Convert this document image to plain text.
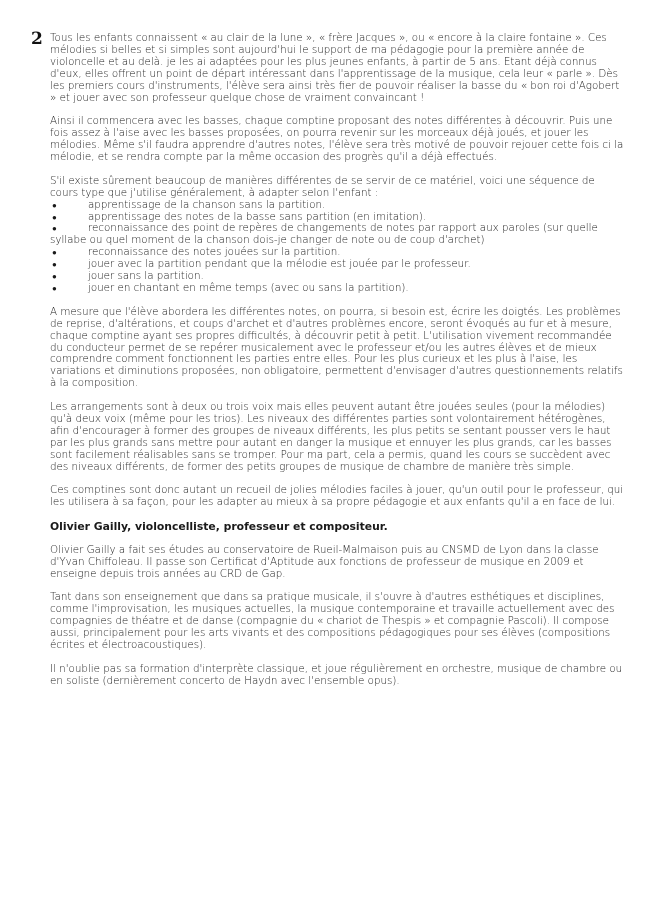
2 Tous les enfants connaissent « au clair de la lune », « frère Jacques », ou « encore à la claire fontaine ». Ces mélodies si belles et si simples sont aujourd'hui le support de ma pédagogie pour la première année de violoncelle et au delà. je les ai adaptées pour les plus jeunes enfants, à partir de 5 ans. Etant déjà connus d'eux, elles offrent un point de départ intéressant dans l'apprentissage de la musique, cela leur « parle ». Dès les premiers cours d'instruments, l'élève sera ainsi très fier de pouvoir réaliser la basse du « bon roi d'Agobert » et jouer avec son professeur quelque chose de vraiment convaincant !

Ainsi il commencera avec les basses, chaque comptine proposant des notes différentes à découvrir. Puis une fois assez à l'aise avec les basses proposées, on pourra revenir sur les morceaux déjà joués, et jouer les mélodies. Même s'il faudra apprendre d'autres notes, l'élève sera très motivé de pouvoir rejouer cette fois ci la mélodie, et se rendra compte par la même occasion des progrès qu'il a déjà effectués.

S'il existe sûrement beaucoup de manières différentes de se servir de ce matériel, voici une séquence de cours type que j'utilise généralement, à adapter selon l'enfant :

● apprentissage de la chanson sans la partition.
● apprentissage des notes de la basse sans partition (en imitation).
● reconnaissance des point de repères de changements de notes par rapport aux paroles (sur quelle syllabe ou quel moment de la chanson dois-je changer de note ou de coup d'archet)
● reconnaissance des notes jouées sur la partition.
● jouer avec la partition pendant que la mélodie est jouée par le professeur.
● jouer sans la partition.
● jouer en chantant en même temps (avec ou sans la partition).

A mesure que l'élève abordera les différentes notes, on pourra, si besoin est, écrire les doigtés. Les problèmes de reprise, d'altérations, et coups d'archet et d'autres problèmes encore, seront évoqués au fur et à mesure, chaque comptine ayant ses propres difficultés, à découvrir petit à petit. L'utilisation vivement recommandée du conducteur permet de se repérer musicalement avec le professeur et/ou les autres élèves et de mieux comprendre comment fonctionnent les parties entre elles. Pour les plus curieux et les plus à l'aise, les variations et diminutions proposées, non obligatoire, permettent d'envisager d'autres questionnements relatifs à la composition.

Les arrangements sont à deux ou trois voix mais elles peuvent autant être jouées seules (pour la mélodies) qu'à deux voix (même pour les trios). Les niveaux des différentes parties sont volontairement hétérogènes, afin d'encourager à former des groupes de niveaux différents, les plus petits se sentant pousser vers le haut par les plus grands sans mettre pour autant en danger la musique et ennuyer les plus grands, car les basses sont facilement réalisables sans se tromper. Pour ma part, cela a permis, quand les cours se succèdent avec des niveaux différents, de former des petits groupes de musique de chambre de manière très simple.

Ces comptines sont donc autant un recueil de jolies mélodies faciles à jouer, qu'un outil pour le professeur, qui les utilisera à sa façon, pour les adapter au mieux à sa propre pédagogie et aux enfants qu'il a en face de lui.

Olivier Gailly, violoncelliste, professeur et compositeur.

Olivier Gailly a fait ses études au conservatoire de Rueil-Malmaison puis au CNSMD de Lyon dans la classe d'Yvan Chiffoleau. Il passe son Certificat d'Aptitude aux fonctions de professeur de musique en 2009 et enseigne depuis trois années au CRD de Gap.

Tant dans son enseignement que dans sa pratique musicale, il s'ouvre à d'autres esthétiques et disciplines, comme l'improvisation, les musiques actuelles, la musique contemporaine et travaille actuellement avec des compagnies de théatre et de danse (compagnie du « chariot de Thespis » et compagnie Pascoli). Il compose aussi, principalement pour les arts vivants et des compositions pédagogiques pour ses élèves (compositions écrites et électroacoustiques).

Il n'oublie pas sa formation d'interprète classique, et joue régulièrement en orchestre, musique de chambre ou en soliste (dernièrement concerto de Haydn avec l'ensemble opus).
